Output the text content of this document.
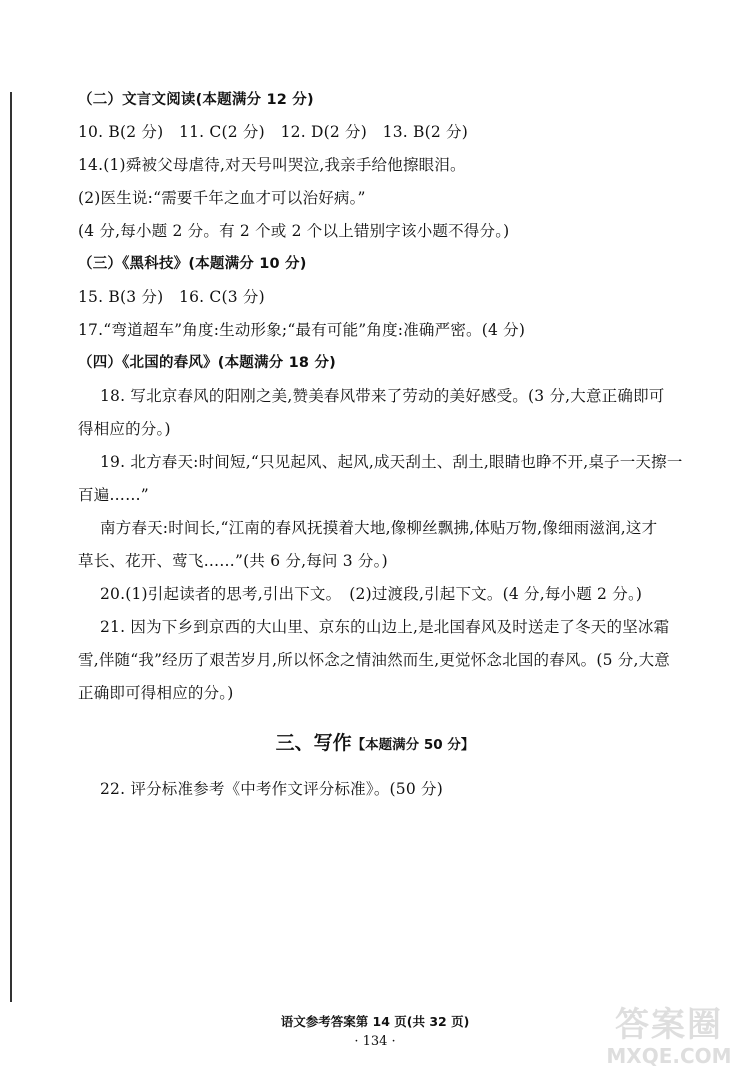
（二）文言文阅读(本题满分 12 分)
10. B(2 分)　11. C(2 分)　12. D(2 分)　13. B(2 分)
14.(1)舜被父母虐待,对天号叫哭泣,我亲手给他擦眼泪。
(2)医生说:“需要千年之血才可以治好病。”
(4 分,每小题 2 分。有 2 个或 2 个以上错别字该小题不得分。)
（三）《黑科技》(本题满分 10 分)
15. B(3 分)　16. C(3 分)
17.“弯道超车”角度:生动形象;“最有可能”角度:准确严密。(4 分)
（四）《北国的春风》(本题满分 18 分)
18. 写北京春风的阳刚之美,赞美春风带来了劳动的美好感受。(3 分,大意正确即可
得相应的分。)
19. 北方春天:时间短,“只见起风、起风,成天刮土、刮土,眼睛也睁不开,桌子一天擦一
百遍……”
南方春天:时间长,“江南的春风抚摸着大地,像柳丝飘拂,体贴万物,像细雨滋润,这才
草长、花开、莺飞……”(共 6 分,每问 3 分。)
20.(1)引起读者的思考,引出下文。　(2)过渡段,引起下文。(4 分,每小题 2 分。)
21. 因为下乡到京西的大山里、京东的山边上,是北国春风及时送走了冬天的坚冰霜
雪,伴随“我”经历了艰苦岁月,所以怀念之情油然而生,更觉怀念北国的春风。(5 分,大意
正确即可得相应的分。)
三、写作【本题满分 50 分】
22. 评分标准参考《中考作文评分标准》。(50 分)
语文参考答案第 14 页(共 32 页)
· 134 ·	答案圈
MXQE.COM
